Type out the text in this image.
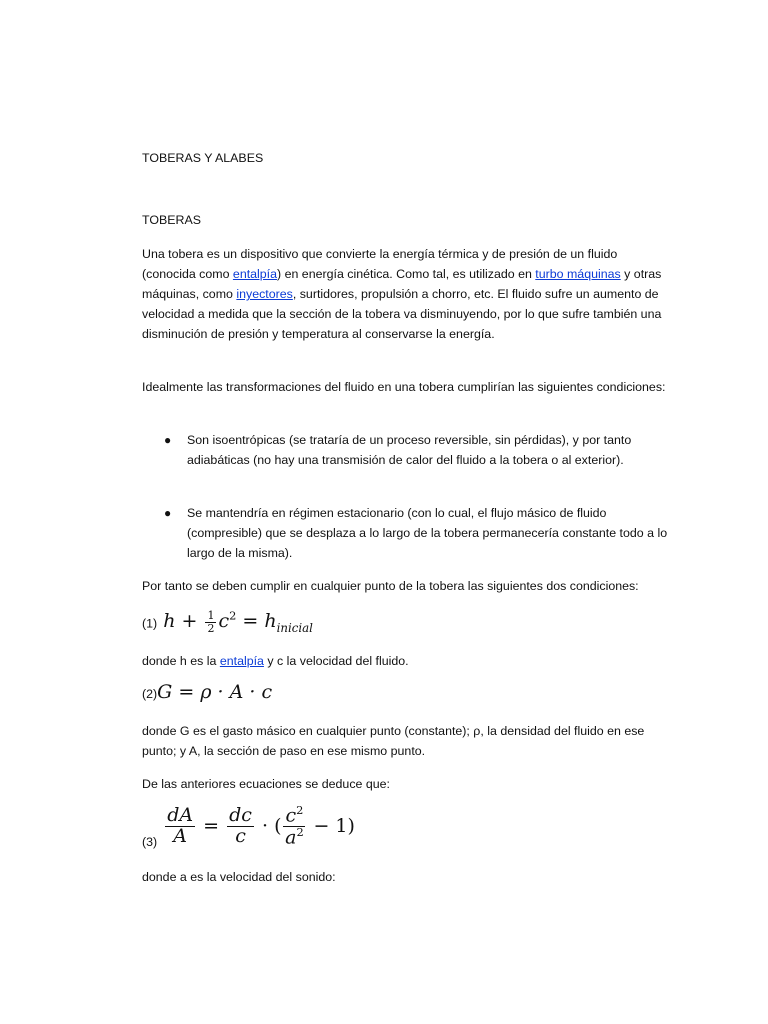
TOBERAS Y ALABES

TOBERAS

Una tobera es un dispositivo que convierte la energía térmica y de presión de un fluido (conocida como entalpía) en energía cinética. Como tal, es utilizado en turbo máquinas y otras máquinas, como inyectores, surtidores, propulsión a chorro, etc. El fluido sufre un aumento de velocidad a medida que la sección de la tobera va disminuyendo, por lo que sufre también una disminución de presión y temperatura al conservarse la energía.

Idealmente las transformaciones del fluido en una tobera cumplirían las siguientes condiciones:

● Son isoentrópicas (se trataría de un proceso reversible, sin pérdidas), y por tanto adiabáticas (no hay una transmisión de calor del fluido a la tobera o al exterior).
● Se mantendría en régimen estacionario (con lo cual, el flujo másico de fluido (compresible) que se desplaza a lo largo de la tobera permanecería constante todo a lo largo de la misma).

Por tanto se deben cumplir en cualquier punto de la tobera las siguientes dos condiciones:

(1) $h + \frac{1}{2} c^2 = h_{inicial}$

donde h es la entalpía y c la velocidad del fluido.

(2)G = ρ · A · c

donde G es el gasto másico en cualquier punto (constante); ρ, la densidad del fluido en ese punto; y A, la sección de paso en ese mismo punto.

De las anteriores ecuaciones se deduce que:

$(3) \frac{dA}{A} = \frac{dc}{c}$ · ( $\frac{c^2}{a^2} - 1$)

donde a es la velocidad del sonido:
